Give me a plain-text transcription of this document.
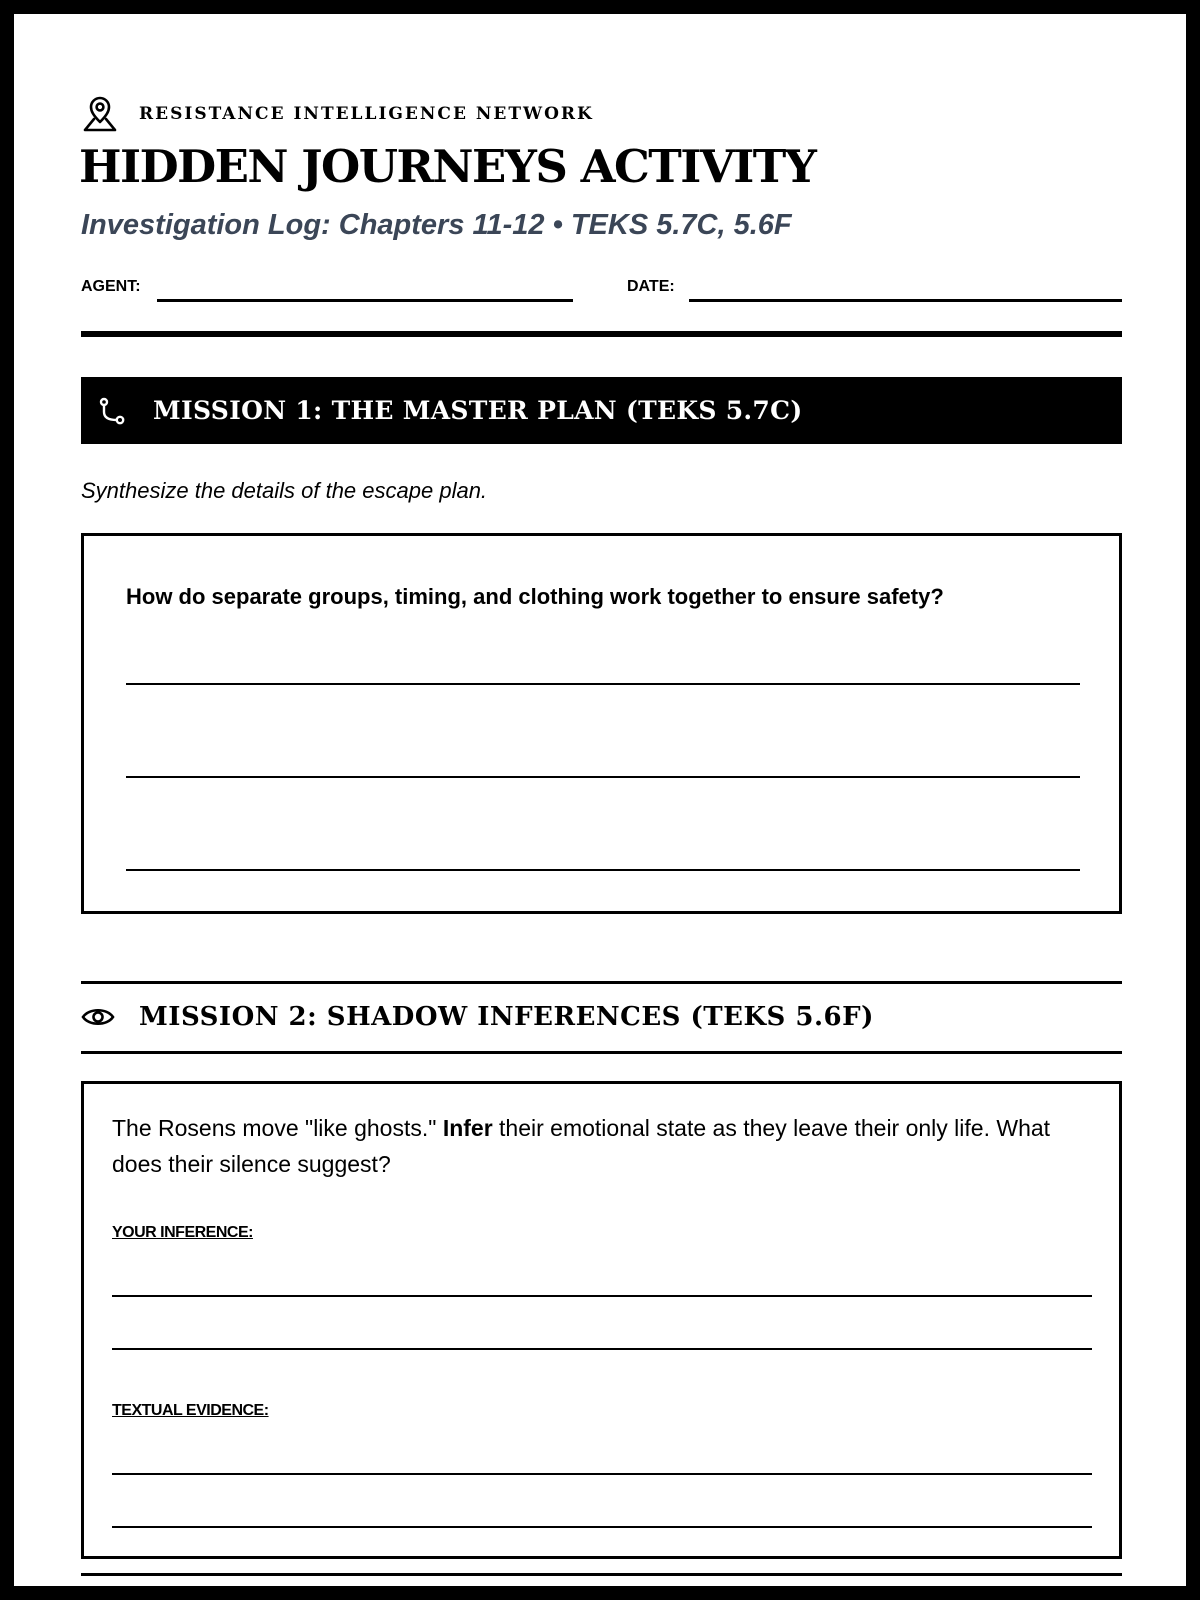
RESISTANCE INTELLIGENCE NETWORK
HIDDEN JOURNEYS ACTIVITY
Investigation Log: Chapters 11-12 • TEKS 5.7C, 5.6F
AGENT:	DATE:
MISSION 1: THE MASTER PLAN (TEKS 5.7C)
Synthesize the details of the escape plan.
How do separate groups, timing, and clothing work together to ensure safety?
MISSION 2: SHADOW INFERENCES (TEKS 5.6F)

The Rosens move "like ghosts." Infer their emotional state as they leave their only life. What does their silence suggest?

YOUR INFERENCE:
TEXTUAL EVIDENCE:
